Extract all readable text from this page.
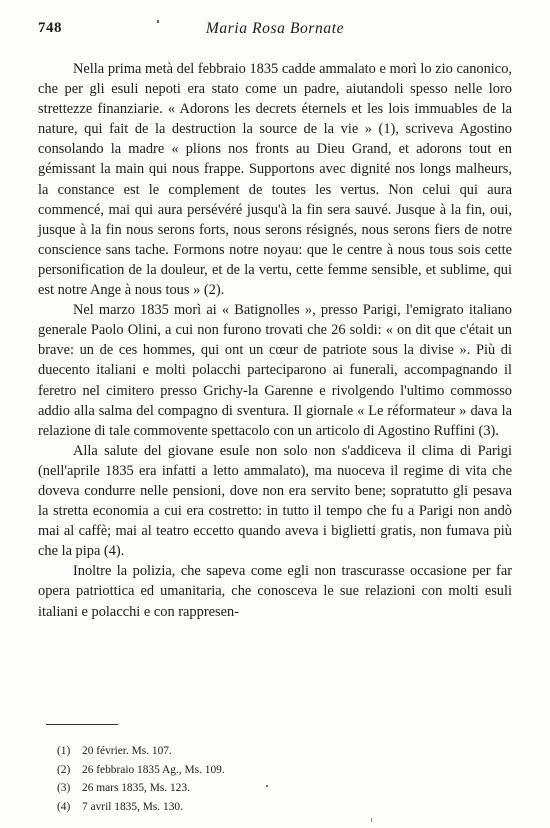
748	Maria Rosa Bornate

Nella prima metà del febbraio 1835 cadde ammalato e morì lo zio canonico, che per gli esuli nepoti era stato come un padre, aiutandoli spesso nelle loro strettezze finanziarie. « Adorons les decrets éternels et les lois immuables de la nature, qui fait de la destruction la source de la vie » (1), scriveva Agostino consolando la madre « plions nos fronts au Dieu Grand, et adorons tout en gémissant la main qui nous frappe. Supportons avec dignité nos longs malheurs, la constance est le complement de toutes les vertus. Non celui qui aura commencé, mai qui aura persévéré jusqu'à la fin sera sauvé. Jusque à la fin, oui, jusque à la fin nous serons forts, nous serons résignés, nous serons fiers de notre conscience sans tache. Formons notre noyau: que le centre à nous tous sois cette personification de la douleur, et de la vertu, cette femme sensible, et sublime, qui est notre Ange à nous tous » (2).

Nel marzo 1835 morì ai « Batignolles », presso Parigi, l'emigrato italiano generale Paolo Olini, a cui non furono trovati che 26 soldi: « on dit que c'était un brave: un de ces hommes, qui ont un cœur de patriote sous la divise ». Più di duecento italiani e molti polacchi parteciparono ai funerali, accompagnando il feretro nel cimitero presso Grichy-la Garenne e rivolgendo l'ultimo commosso addio alla salma del compagno di sventura. Il giornale « Le réformateur » dava la relazione di tale commovente spettacolo con un articolo di Agostino Ruffini (3).

Alla salute del giovane esule non solo non s'addiceva il clima di Parigi (nell'aprile 1835 era infatti a letto ammalato), ma nuoceva il regime di vita che doveva condurre nelle pensioni, dove non era servito bene; sopratutto gli pesava la stretta economia a cui era costretto: in tutto il tempo che fu a Parigi non andò mai al caffè; mai al teatro eccetto quando aveva i biglietti gratis, non fumava più che la pipa (4).

Inoltre la polizia, che sapeva come egli non trascurasse occasione per far opera patriottica ed umanitaria, che conosceva le sue relazioni con molti esuli italiani e polacchi e con rappresen-

(1) 20 février. Ms. 107.
(2) 26 febbraio 1835 Ag., Ms. 109.
(3) 26 mars 1835, Ms. 123.
(4) 7 avril 1835, Ms. 130.
